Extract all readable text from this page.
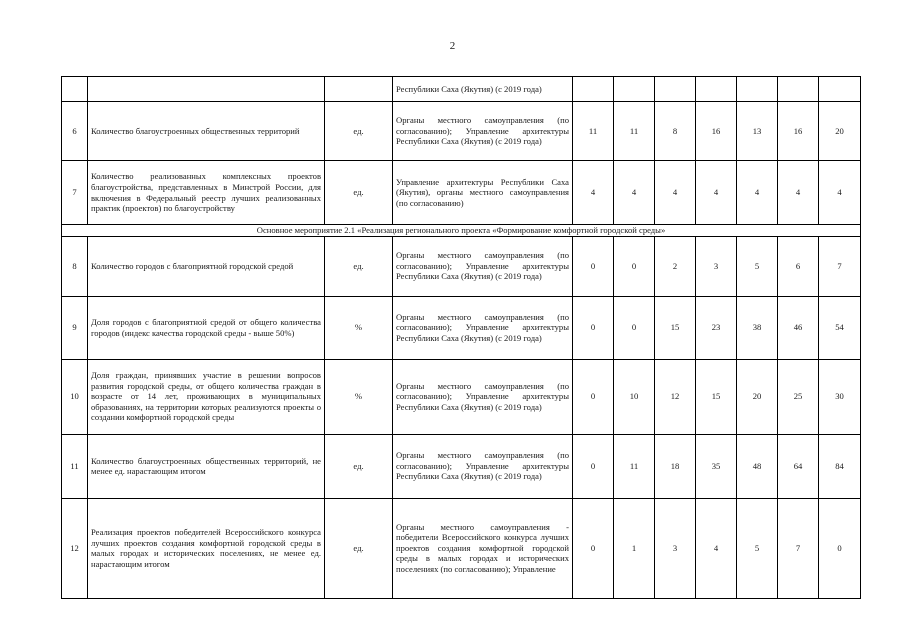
2
			Республики Саха (Якутия) (с 2019 года)							
6	Количество благоустроенных общественных территорий	ед.	Органы местного самоуправления (по согласованию); Управление архитектуры Республики Саха (Якутия) (с 2019 года)	11	11	8	16	13	16	20
7	Количество реализованных комплексных проектов благоустройства, представленных в Минстрой России, для включения в Федеральный реестр лучших реализованных практик (проектов) по благоустройству	ед.	Управление архитектуры Республики Саха (Якутия), органы местного самоуправления (по согласованию)	4	4	4	4	4	4	4
Основное мероприятие 2.1 «Реализация регионального проекта «Формирование комфортной городской среды»										
8	Количество городов с благоприятной городской средой	ед.	Органы местного самоуправления (по согласованию); Управление архитектуры Республики Саха (Якутия) (с 2019 года)	0	0	2	3	5	6	7
9	Доля городов с благоприятной средой от общего количества городов (индекс качества городской среды - выше 50%)	%	Органы местного самоуправления (по согласованию); Управление архитектуры Республики Саха (Якутия) (с 2019 года)	0	0	15	23	38	46	54
10	Доля граждан, принявших участие в решении вопросов развития городской среды, от общего количества граждан в возрасте от 14 лет, проживающих в муниципальных образованиях, на территории которых реализуются проекты о создании комфортной городской среды	%	Органы местного самоуправления (по согласованию); Управление архитектуры Республики Саха (Якутия) (с 2019 года)	0	10	12	15	20	25	30
11	Количество благоустроенных общественных территорий, не менее ед. нарастающим итогом	ед.	Органы местного самоуправления (по согласованию); Управление архитектуры Республики Саха (Якутия) (с 2019 года)	0	11	18	35	48	64	84
12	Реализация проектов победителей Всероссийского конкурса лучших проектов создания комфортной городской среды в малых городах и исторических поселениях, не менее ед. нарастающим итогом	ед.	Органы местного самоуправления - победители Всероссийского конкурса лучших проектов создания комфортной городской среды в малых городах и исторических поселениях (по согласованию); Управление	0	1	3	4	5	7	0
